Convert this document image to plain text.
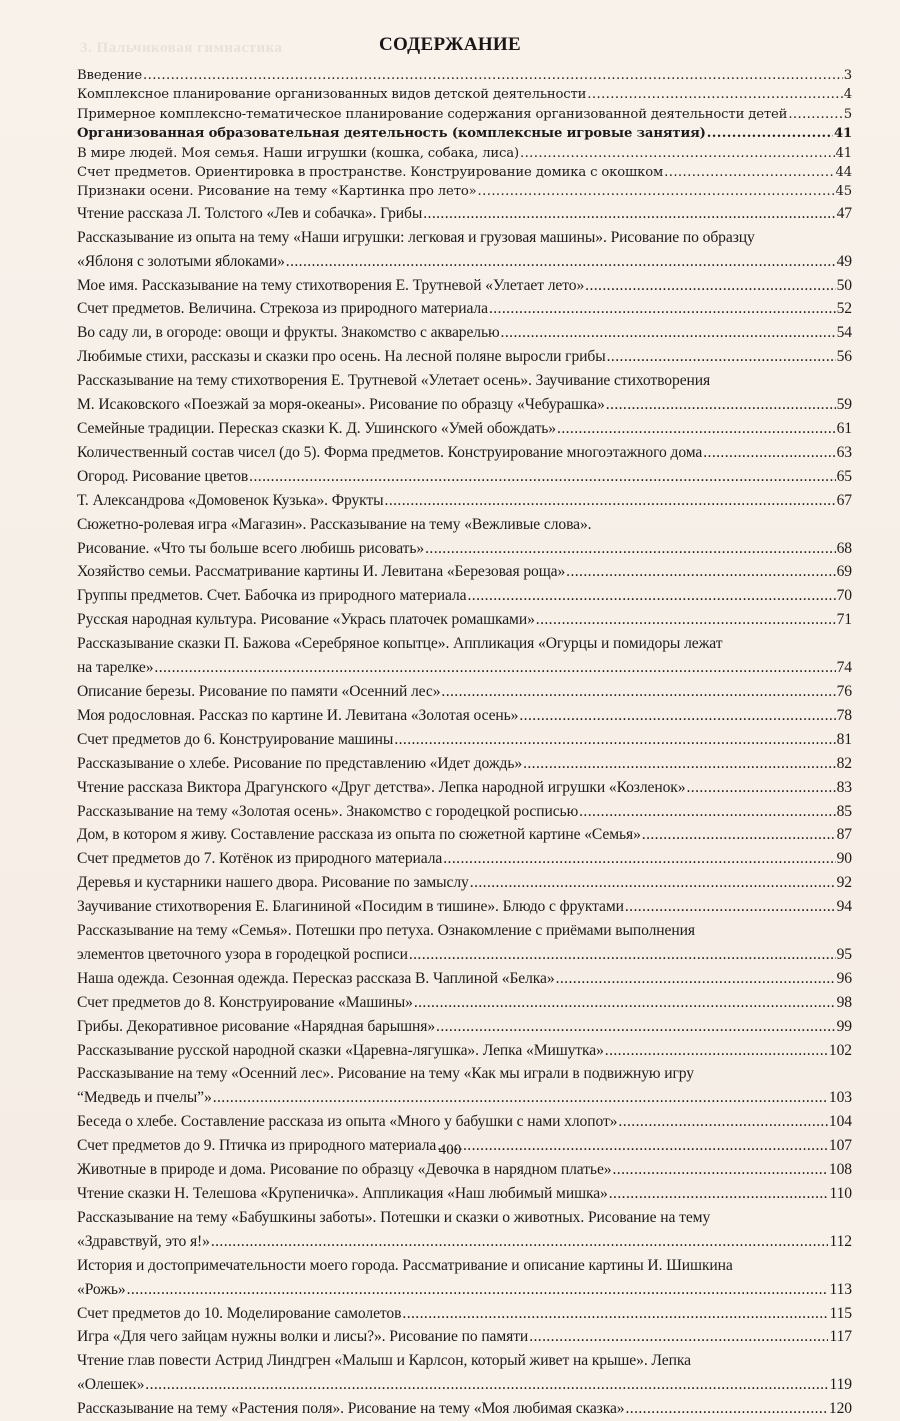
3. Пальчиковая гимнастика	СОДЕРЖАНИЕ
Введение .....	3
Комплексное планирование организованных видов детской деятельности .....	4
Примерное комплексно-тематическое планирование содержания организованной деятельности детей .....	5
Организованная образовательная деятельность (комплексные игровые занятия) .....	41
В мире людей. Моя семья. Наши игрушки (кошка, собака, лиса) .....	41
Счет предметов. Ориентировка в пространстве. Конструирование домика с окошком .....	44
Признаки осени. Рисование на тему «Картинка про лето» .....	45
Чтение рассказа Л. Толстого «Лев и собачка». Грибы .....	47
Рассказывание из опыта на тему «Наши игрушки: легковая и грузовая машины». Рисование по образцу
«Яблоня с золотыми яблоками» .....	49
Мое имя. Рассказывание на тему стихотворения Е. Трутневой «Улетает лето» .....	50
Счет предметов. Величина. Стрекоза из природного материала .....	52
Во саду ли, в огороде: овощи и фрукты. Знакомство с акварелью .....	54
Любимые стихи, рассказы и сказки про осень. На лесной поляне выросли грибы .....	56
Рассказывание на тему стихотворения Е. Трутневой «Улетает осень». Заучивание стихотворения
М. Исаковского «Поезжай за моря-океаны». Рисование по образцу «Чебурашка» .....	59
Семейные традиции. Пересказ сказки К. Д. Ушинского «Умей обождать» .....	61
Количественный состав чисел (до 5). Форма предметов. Конструирование многоэтажного дома .....	63
Огород. Рисование цветов .....	65
Т. Александрова «Домовенок Кузька». Фрукты .....	67
Сюжетно-ролевая игра «Магазин». Рассказывание на тему «Вежливые слова».
Рисование. «Что ты больше всего любишь рисовать» .....	68
Хозяйство семьи. Рассматривание картины И. Левитана «Березовая роща» .....	69
Группы предметов. Счет. Бабочка из природного материала .....	70
Русская народная культура. Рисование «Укрась платочек ромашками» .....	71
Рассказывание сказки П. Бажова «Серебряное копытце». Аппликация «Огурцы и помидоры лежат
на тарелке» .....	74
Описание березы. Рисование по памяти «Осенний лес» .....	76
Моя родословная. Рассказ по картине И. Левитана «Золотая осень» .....	78
Счет предметов до 6. Конструирование машины .....	81
Рассказывание о хлебе. Рисование по представлению «Идет дождь» .....	82
Чтение рассказа Виктора Драгунского «Друг детства». Лепка народной игрушки «Козленок» .....	83
Рассказывание на тему «Золотая осень». Знакомство с городецкой росписью .....	85
Дом, в котором я живу. Составление рассказа из опыта по сюжетной картине «Семья» .....	87
Счет предметов до 7. Котёнок из природного материала .....	90
Деревья и кустарники нашего двора. Рисование по замыслу .....	92
Заучивание стихотворения Е. Благининой «Посидим в тишине». Блюдо с фруктами .....	94
Рассказывание на тему «Семья». Потешки про петуха. Ознакомление с приёмами выполнения
элементов цветочного узора в городецкой росписи .....	95
Наша одежда. Сезонная одежда. Пересказ рассказа В. Чаплиной «Белка» .....	96
Счет предметов до 8. Конструирование «Машины» .....	98
Грибы. Декоративное рисование «Нарядная барышня» .....	99
Рассказывание русской народной сказки «Царевна-лягушка». Лепка «Мишутка» .....	102
Рассказывание на тему «Осенний лес». Рисование на тему «Как мы играли в подвижную игру
“Медведь и пчелы”» .....	103
Беседа о хлебе. Составление рассказа из опыта «Много у бабушки с нами хлопот» .....	104
Счет предметов до 9. Птичка из природного материала .....	107
Животные в природе и дома. Рисование по образцу «Девочка в нарядном платье» .....	108
Чтение сказки Н. Телешова «Крупеничка». Аппликация «Наш любимый мишка» .....	110
Рассказывание на тему «Бабушкины заботы». Потешки и сказки о животных. Рисование на тему
«Здравствуй, это я!» .....	112
История и достопримечательности моего города. Рассматривание и описание картины И. Шишкина
«Рожь» .....	113
Счет предметов до 10. Моделирование самолетов .....	115
Игра «Для чего зайцам нужны волки и лисы?». Рисование по памяти .....	117
Чтение глав повести Астрид Линдгрен «Малыш и Карлсон, который живет на крыше». Лепка
«Олешек» .....	119
Рассказывание на тему «Растения поля». Рисование на тему «Моя любимая сказка» .....	120
400
